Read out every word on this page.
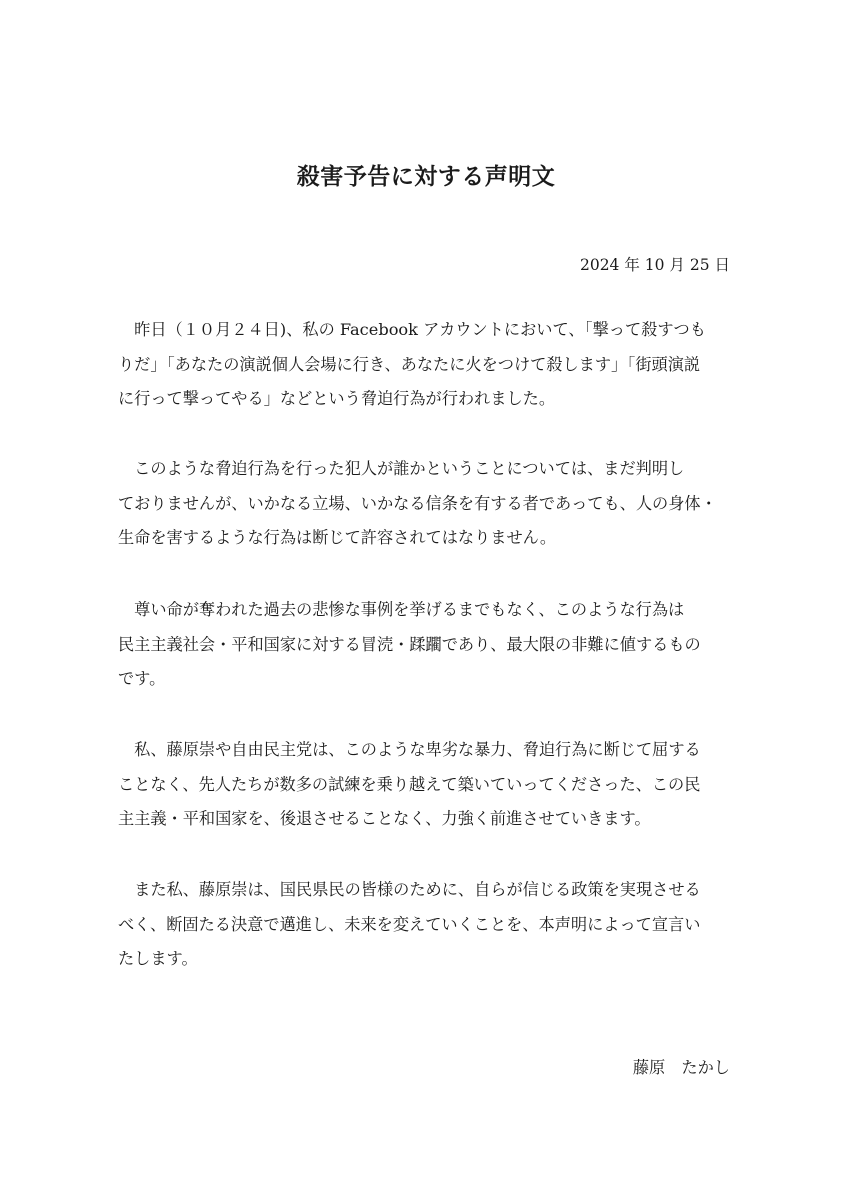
殺害予告に対する声明文

2024 年 10 月 25 日

　昨日（１０月２４日)、私の Facebook アカウントにおいて、「撃って殺すつも
りだ」「あなたの演説個人会場に行き、あなたに火をつけて殺します」「街頭演説
に行って撃ってやる」などという脅迫行為が行われました。
　このような脅迫行為を行った犯人が誰かということについては、まだ判明し
ておりませんが、いかなる立場、いかなる信条を有する者であっても、人の身体・
生命を害するような行為は断じて許容されてはなりません。
　尊い命が奪われた過去の悲惨な事例を挙げるまでもなく、このような行為は
民主主義社会・平和国家に対する冒涜・蹂躙であり、最大限の非難に値するもの
です。
　私、藤原崇や自由民主党は、このような卑劣な暴力、脅迫行為に断じて屈する
ことなく、先人たちが数多の試練を乗り越えて築いていってくださった、この民
主主義・平和国家を、後退させることなく、力強く前進させていきます。
　また私、藤原崇は、国民県民の皆様のために、自らが信じる政策を実現させる
べく、断固たる決意で邁進し、未来を変えていくことを、本声明によって宣言い
たします。

藤原　たかし
